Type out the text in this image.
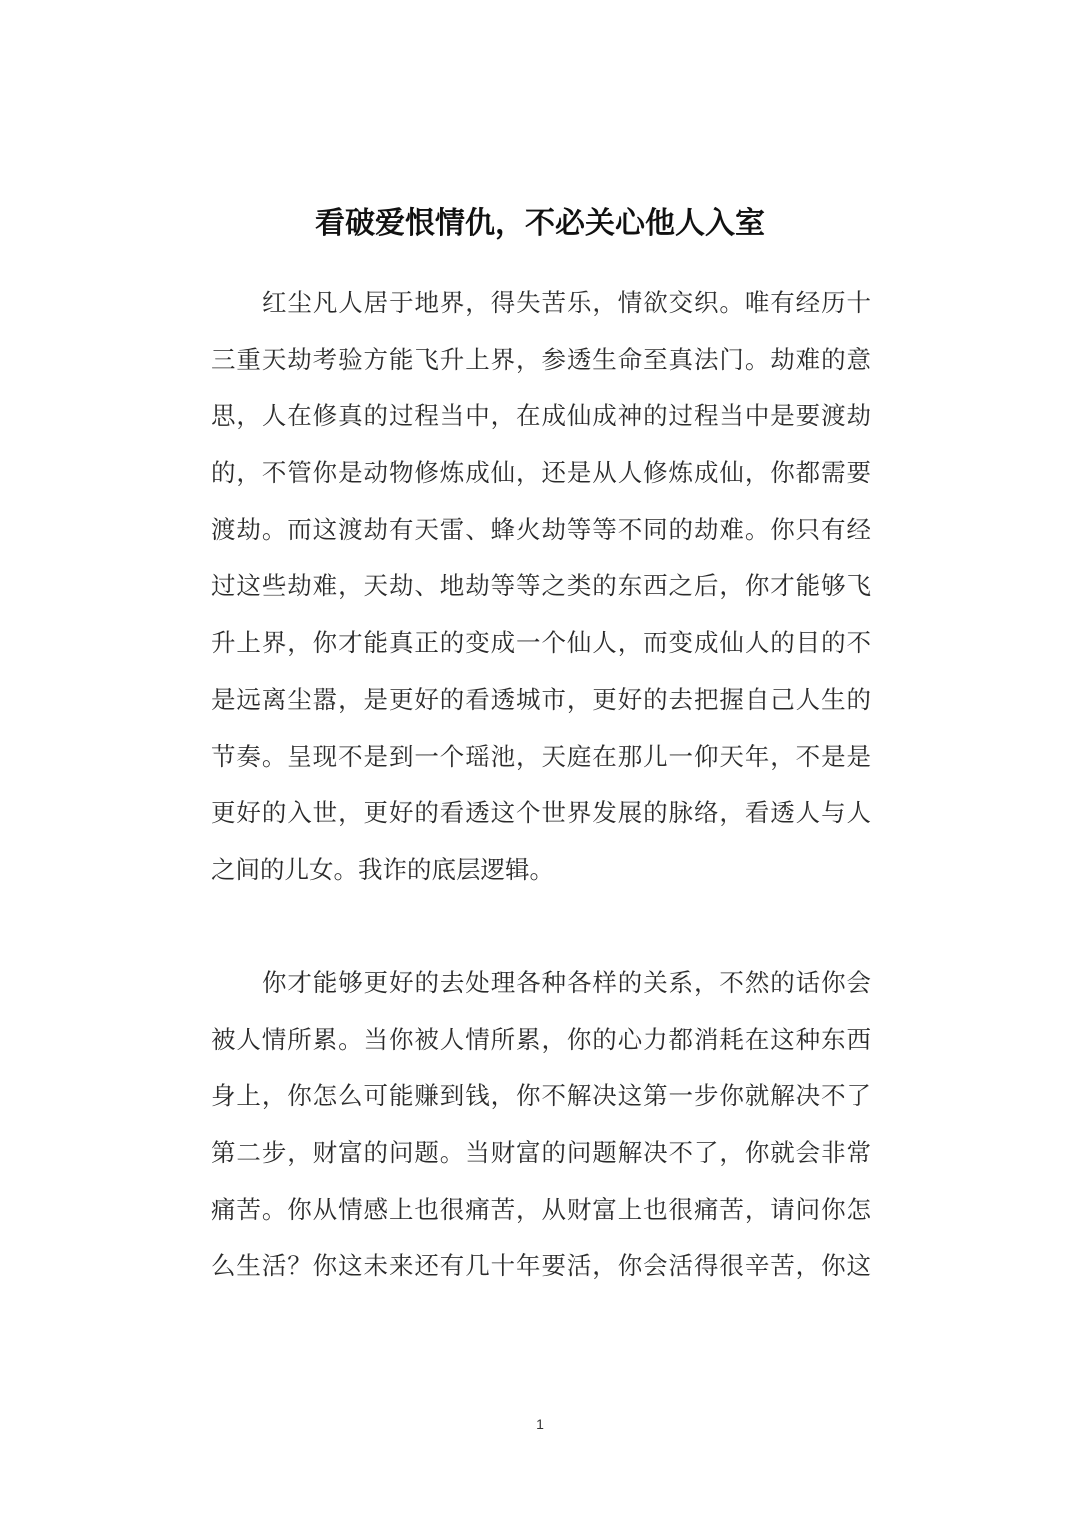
看破爱恨情仇，不必关心他人入室
红尘凡人居于地界，得失苦乐，情欲交织。唯有经历十
三重天劫考验方能飞升上界，参透生命至真法门。劫难的意
思，人在修真的过程当中，在成仙成神的过程当中是要渡劫
的，不管你是动物修炼成仙，还是从人修炼成仙，你都需要
渡劫。而这渡劫有天雷、蜂火劫等等不同的劫难。你只有经
过这些劫难，天劫、地劫等等之类的东西之后，你才能够飞
升上界，你才能真正的变成一个仙人，而变成仙人的目的不
是远离尘嚣，是更好的看透城市，更好的去把握自己人生的
节奏。呈现不是到一个瑶池，天庭在那儿一仰天年，不是是
更好的入世，更好的看透这个世界发展的脉络，看透人与人
之间的儿女。我诈的底层逻辑。
你才能够更好的去处理各种各样的关系，不然的话你会
被人情所累。当你被人情所累，你的心力都消耗在这种东西
身上，你怎么可能赚到钱，你不解决这第一步你就解决不了
第二步，财富的问题。当财富的问题解决不了，你就会非常
痛苦。你从情感上也很痛苦，从财富上也很痛苦，请问你怎
么生活？你这未来还有几十年要活，你会活得很辛苦，你这
1
